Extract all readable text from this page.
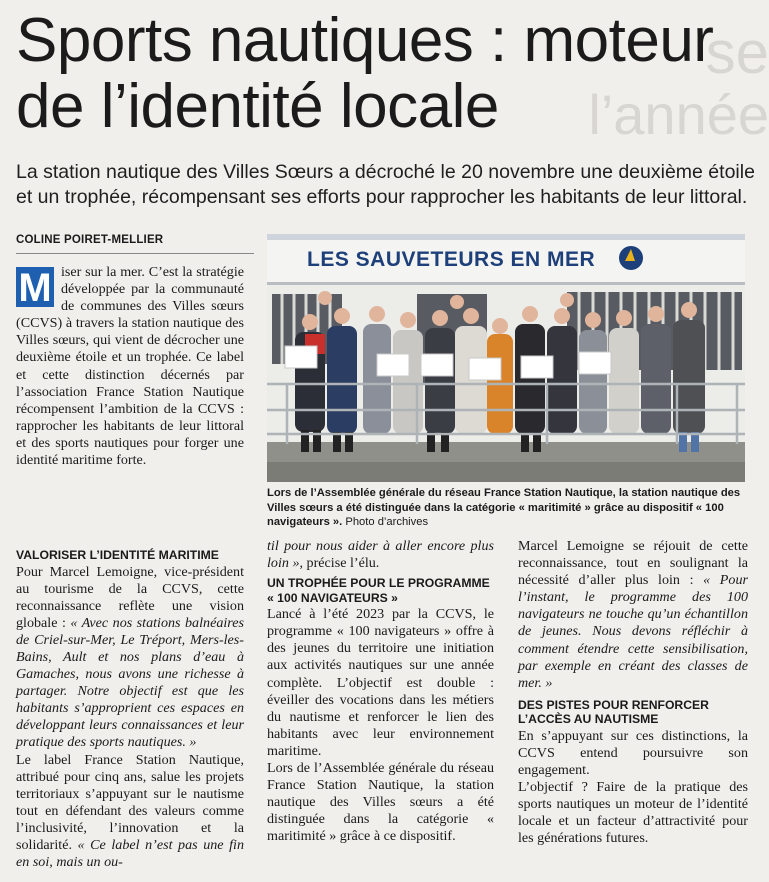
se
l’année
Sports nautiques : moteur de l’identité locale

La station nautique des Villes Sœurs a décroché le 20 novembre une deuxième étoile et un trophée, récompensant ses efforts pour rapprocher les habitants de leur littoral.

COLINE POIRET-MELLIER

M iser sur la mer. C’est la stratégie développée par la communauté de communes des Villes sœurs (CCVS) à travers la station nautique des Villes sœurs, qui vient de décrocher une deuxième étoile et un trophée. Ce label et cette distinction décernés par l’association France Station Nautique récompensent l’ambition de la CCVS : rapprocher les habitants de leur littoral et des sports nautiques pour forger une identité maritime forte.

VALORISER L’IDENTITÉ MARITIME

Pour Marcel Lemoigne, vice-président au tourisme de la CCVS, cette reconnaissance reflète une vision globale : « Avec nos stations balnéaires de Criel-sur-Mer, Le Tréport, Mers-les-Bains, Ault et nos plans d’eau à Gamaches, nous avons une richesse à partager. Notre objectif est que les habitants s’approprient ces espaces en développant leurs connaissances et leur pratique des sports nautiques. »

Le label France Station Nautique, attribué pour cinq ans, salue les projets territoriaux s’appuyant sur le nautisme tout en défendant des valeurs comme l’inclusivité, l’innovation et la solidarité. « Ce label n’est pas une fin en soi, mais un ou-

LES SAUVETEURS EN MER

Lors de l’Assemblée générale du réseau France Station Nautique, la station nautique des Villes sœurs a été distinguée dans la catégorie « maritimité » grâce au dispositif « 100 navigateurs ». Photo d’archives

til pour nous aider à aller encore plus loin », précise l’élu.

UN TROPHÉE POUR LE PROGRAMME « 100 NAVIGATEURS »

Lancé à l’été 2023 par la CCVS, le programme « 100 navigateurs » offre à des jeunes du territoire une initiation aux activités nautiques sur une année complète. L’objectif est double : éveiller des vocations dans les métiers du nautisme et renforcer le lien des habitants avec leur environnement maritime.

Lors de l’Assemblée générale du réseau France Station Nautique, la station nautique des Villes sœurs a été distinguée dans la catégorie « maritimité » grâce à ce dispositif.

Marcel Lemoigne se réjouit de cette reconnaissance, tout en soulignant la nécessité d’aller plus loin : « Pour l’instant, le programme des 100 navigateurs ne touche qu’un échantillon de jeunes. Nous devons réfléchir à comment étendre cette sensibilisation, par exemple en créant des classes de mer. »

DES PISTES POUR RENFORCER L’ACCÈS AU NAUTISME

En s’appuyant sur ces distinctions, la CCVS entend poursuivre son engagement.

L’objectif ? Faire de la pratique des sports nautiques un moteur de l’identité locale et un facteur d’attractivité pour les générations futures.
